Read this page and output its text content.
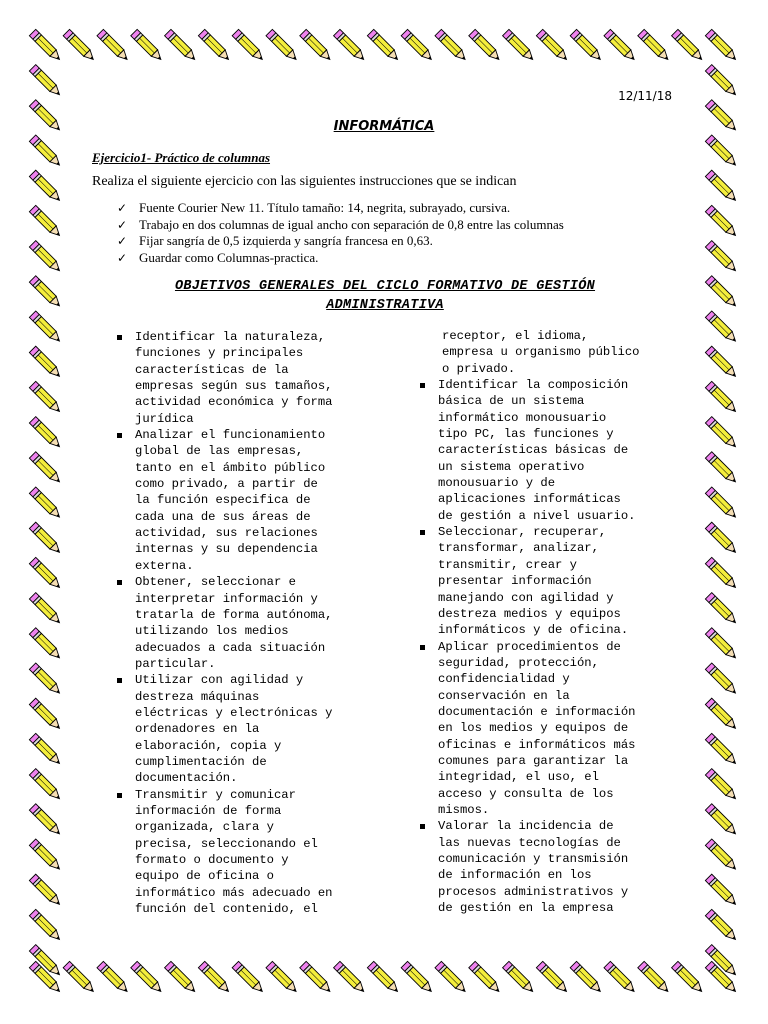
12/11/18
INFORMÁTICA
Ejercicio1- Práctico de columnas
Realiza el siguiente ejercicio con las siguientes instrucciones que se indican
✓ Fuente Courier New 11. Título tamaño: 14, negrita, subrayado, cursiva.
✓ Trabajo en dos columnas de igual ancho con separación de 0,8 entre las columnas
✓ Fijar sangría de 0,5 izquierda y sangría francesa en 0,63.
✓ Guardar como Columnas-practica.
OBJETIVOS GENERALES DEL CICLO FORMATIVO DE GESTIÓN
ADMINISTRATIVA
Identificar la naturaleza,
funciones y principales
características de la
empresas según sus tamaños,
actividad económica y forma
jurídica
Analizar el funcionamiento
global de las empresas,
tanto en el ámbito público
como privado, a partir de
la función especifica de
cada una de sus áreas de
actividad, sus relaciones
internas y su dependencia
externa.
Obtener, seleccionar e
interpretar información y
tratarla de forma autónoma,
utilizando los medios
adecuados a cada situación
particular.
Utilizar con agilidad y
destreza máquinas
eléctricas y electrónicas y
ordenadores en la
elaboración, copia y
cumplimentación de
documentación.
Transmitir y comunicar
información de forma
organizada, clara y
precisa, seleccionando el
formato o documento y
equipo de oficina o
informático más adecuado en
función del contenido, el
receptor, el idioma,
empresa u organismo público
o privado.
Identificar la composición
básica de un sistema
informático monousuario
tipo PC, las funciones y
características básicas de
un sistema operativo
monousuario y de
aplicaciones informáticas
de gestión a nivel usuario.
Seleccionar, recuperar,
transformar, analizar,
transmitir, crear y
presentar información
manejando con agilidad y
destreza medios y equipos
informáticos y de oficina.
Aplicar procedimientos de
seguridad, protección,
confidencialidad y
conservación en la
documentación e información
en los medios y equipos de
oficinas e informáticos más
comunes para garantizar la
integridad, el uso, el
acceso y consulta de los
mismos.
Valorar la incidencia de
las nuevas tecnologías de
comunicación y transmisión
de información en los
procesos administrativos y
de gestión en la empresa
